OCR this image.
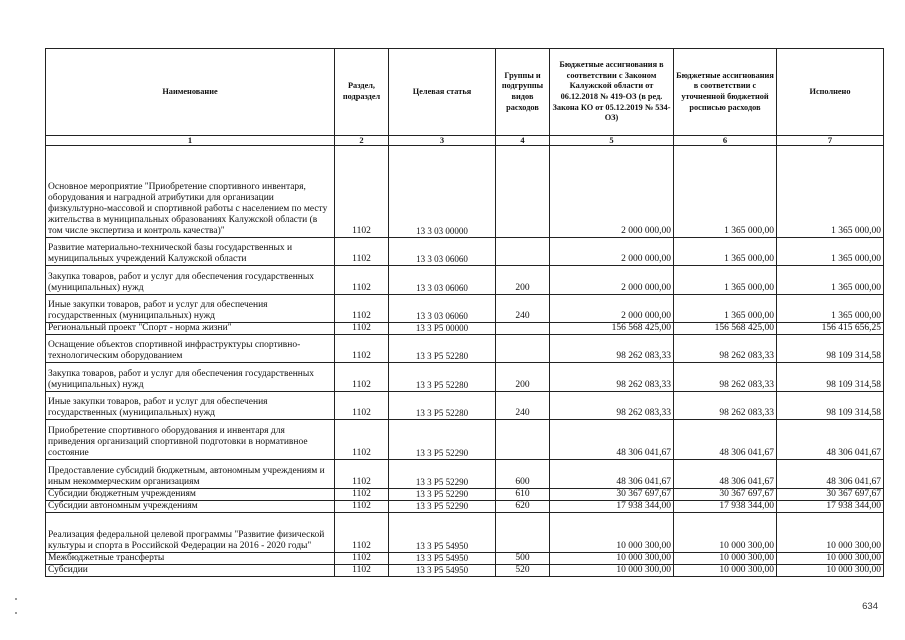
Наименование	Раздел, подраздел	Целевая статья	Группы и подгруппы видов расходов	Бюджетные ассигнования в соответствии с Законом Калужской области от 06.12.2018 № 419-ОЗ (в ред. Закона КО от 05.12.2019 № 534-ОЗ)	Бюджетные ассигнования в соответствии с уточненной бюджетной росписью расходов	Исполнено
1	2	3	4	5	6	7
Основное мероприятие "Приобретение спортивного инвентаря, оборудования и наградной атрибутики для организации физкультурно-массовой и спортивной работы с населением по месту жительства в муниципальных образованиях Калужской области (в том числе экспертиза и контроль качества)"	1102	13 3 03 00000		2 000 000,00	1 365 000,00	1 365 000,00
Развитие материально-технической базы государственных и муниципальных учреждений Калужской области	1102	13 3 03 06060		2 000 000,00	1 365 000,00	1 365 000,00
Закупка товаров, работ и услуг для обеспечения государственных (муниципальных) нужд	1102	13 3 03 06060	200	2 000 000,00	1 365 000,00	1 365 000,00
Иные закупки товаров, работ и услуг для обеспечения государственных (муниципальных) нужд	1102	13 3 03 06060	240	2 000 000,00	1 365 000,00	1 365 000,00
Региональный проект "Спорт - норма жизни"	1102	13 3 P5 00000		156 568 425,00	156 568 425,00	156 415 656,25
Оснащение объектов спортивной инфраструктуры спортивно-технологическим оборудованием	1102	13 3 P5 52280		98 262 083,33	98 262 083,33	98 109 314,58
Закупка товаров, работ и услуг для обеспечения государственных (муниципальных) нужд	1102	13 3 P5 52280	200	98 262 083,33	98 262 083,33	98 109 314,58
Иные закупки товаров, работ и услуг для обеспечения государственных (муниципальных) нужд	1102	13 3 P5 52280	240	98 262 083,33	98 262 083,33	98 109 314,58
Приобретение спортивного оборудования и инвентаря для приведения организаций спортивной подготовки в нормативное состояние	1102	13 3 P5 52290		48 306 041,67	48 306 041,67	48 306 041,67
Предоставление субсидий бюджетным, автономным учреждениям и иным некоммерческим организациям	1102	13 3 P5 52290	600	48 306 041,67	48 306 041,67	48 306 041,67
Субсидии бюджетным учреждениям	1102	13 3 P5 52290	610	30 367 697,67	30 367 697,67	30 367 697,67
Субсидии автономным учреждениям	1102	13 3 P5 52290	620	17 938 344,00	17 938 344,00	17 938 344,00
Реализация федеральной целевой программы "Развитие физической культуры и спорта в Российской Федерации на 2016 - 2020 годы"	1102	13 3 P5 54950		10 000 300,00	10 000 300,00	10 000 300,00
Межбюджетные трансферты	1102	13 3 P5 54950	500	10 000 300,00	10 000 300,00	10 000 300,00
Субсидии	1102	13 3 P5 54950	520	10 000 300,00	10 000 300,00	10 000 300,00
634
